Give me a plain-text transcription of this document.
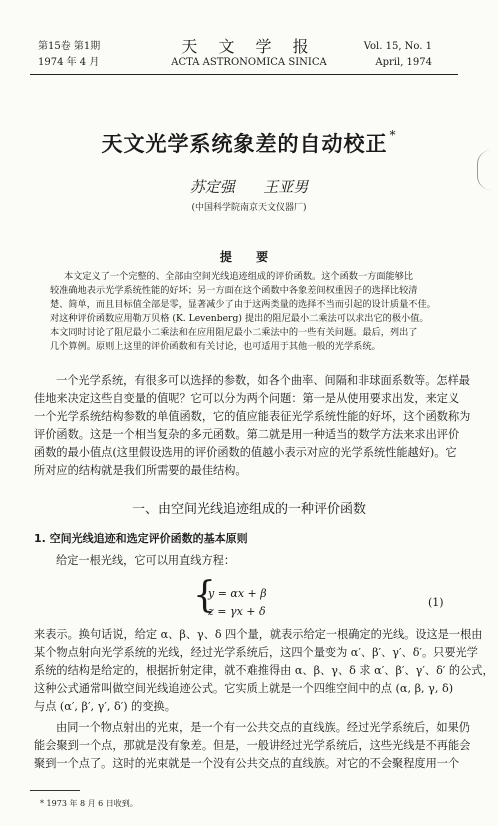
第15卷 第1期
1974 年 4 月
天 文 学 报
ACTA ASTRONOMICA SINICA
Vol. 15, No. 1
April, 1974
天文光学系统象差的自动校正 *
苏定强      王亚男
(中国科学院南京天文仪器厂)
提 要
本文定义了一个完整的、全部由空间光线追迹组成的评价函数。这个函数一方面能够比
较准确地表示光学系统性能的好坏；另一方面在这个函数中各象差间权重因子的选择比较清
楚、简单，而且目标值全部是零，显著减少了由于这两类量的选择不当而引起的设计质量不佳。
对这种评价函数应用勒万贝格 (K. Levenberg) 提出的阻尼最小二乘法可以求出它的极小值。
本文同时讨论了阻尼最小二乘法和在应用阻尼最小二乘法中的一些有关问题。最后，列出了
几个算例。原则上这里的评价函数和有关讨论，也可适用于其他一般的光学系统。
一个光学系统，有很多可以选择的参数，如各个曲率、间隔和非球面系数等。怎样最
佳地来决定这些自变量的值呢？它可以分为两个问题：第一是从使用要求出发，来定义
一个光学系统结构参数的单值函数，它的值应能表征光学系统性能的好坏，这个函数称为
评价函数。这是一个相当复杂的多元函数。第二就是用一种适当的数学方法来求出评价
函数的最小值点(这里假设选用的评价函数的值越小表示对应的光学系统性能越好)。它
所对应的结构就是我们所需要的最佳结构。
一、由空间光线追迹组成的一种评价函数
1. 空间光线追迹和选定评价函数的基本原则
给定一根光线，它可以用直线方程：
{
y = αx + β
z = γx + δ
(1)
来表示。换句话说，给定 α、β、γ、δ 四个量，就表示给定一根确定的光线。设这是一根由
某个物点射向光学系统的光线，经过光学系统后，这四个量变为 α′、β′、γ′、δ′。只要光学
系统的结构是给定的，根据折射定律，就不难推得由 α、β、γ、δ 求 α′、β′、γ′、δ′ 的公式，
这种公式通常叫做空间光线追迹公式。它实质上就是一个四维空间中的点 (α, β, γ, δ)
与点 (α′, β′, γ′, δ′) 的变换。
由同一个物点射出的光束，是一个有一公共交点的直线族。经过光学系统后，如果仍
能会聚到一个点，那就是没有象差。但是，一般讲经过光学系统后，这些光线是不再能会
聚到一个点了。这时的光束就是一个没有公共交点的直线族。对它的不会聚程度用一个
* 1973 年 8 月 6 日收到。
